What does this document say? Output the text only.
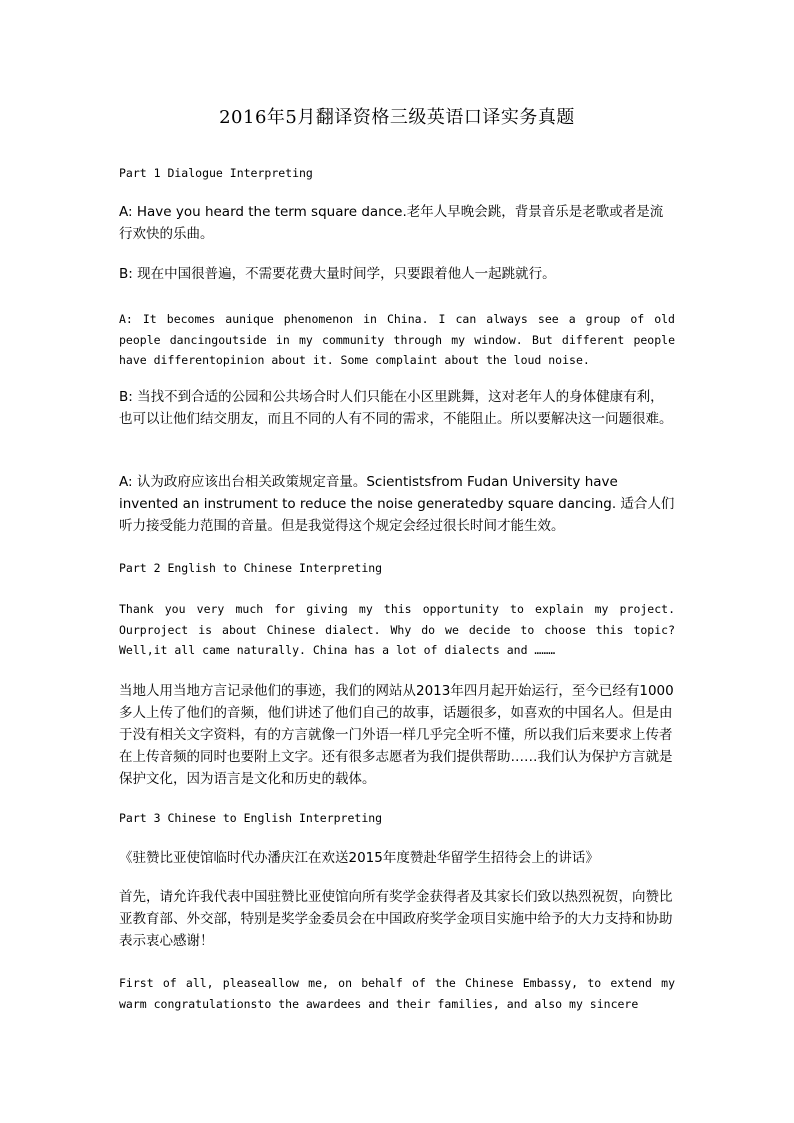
2016年5月翻译资格三级英语口译实务真题
Part 1 Dialogue Interpreting
A: Have you heard the term square dance.老年人早晚会跳，背景音乐是老歌或者是流行欢快的乐曲。
B: 现在中国很普遍，不需要花费大量时间学，只要跟着他人一起跳就行。
A: It becomes aunique phenomenon in China. I can always see a group of old people dancingoutside in my community through my window. But different people have differentopinion about it. Some complaint about the loud noise.
B: 当找不到合适的公园和公共场合时人们只能在小区里跳舞，这对老年人的身体健康有利，也可以让他们结交朋友，而且不同的人有不同的需求，不能阻止。所以要解决这一问题很难。
A: 认为政府应该出台相关政策规定音量。Scientistsfrom Fudan University have invented an instrument to reduce the noise generatedby square dancing. 适合人们听力接受能力范围的音量。但是我觉得这个规定会经过很长时间才能生效。
Part 2 English to Chinese Interpreting
Thank you very much for giving my this opportunity to explain my project. Ourproject is about Chinese dialect. Why do we decide to choose this topic? Well,it all came naturally. China has a lot of dialects and ………
当地人用当地方言记录他们的事迹，我们的网站从2013年四月起开始运行，至今已经有1000多人上传了他们的音频，他们讲述了他们自己的故事，话题很多，如喜欢的中国名人。但是由于没有相关文字资料，有的方言就像一门外语一样几乎完全听不懂，所以我们后来要求上传者在上传音频的同时也要附上文字。还有很多志愿者为我们提供帮助……我们认为保护方言就是保护文化，因为语言是文化和历史的载体。
Part 3 Chinese to English Interpreting
《驻赞比亚使馆临时代办潘庆江在欢送2015年度赞赴华留学生招待会上的讲话》
首先，请允许我代表中国驻赞比亚使馆向所有奖学金获得者及其家长们致以热烈祝贺，向赞比亚教育部、外交部，特别是奖学金委员会在中国政府奖学金项目实施中给予的大力支持和协助表示衷心感谢！
First of all, pleaseallow me, on behalf of the Chinese Embassy, to extend my warm congratulationsto the awardees and their families, and also my sincere
